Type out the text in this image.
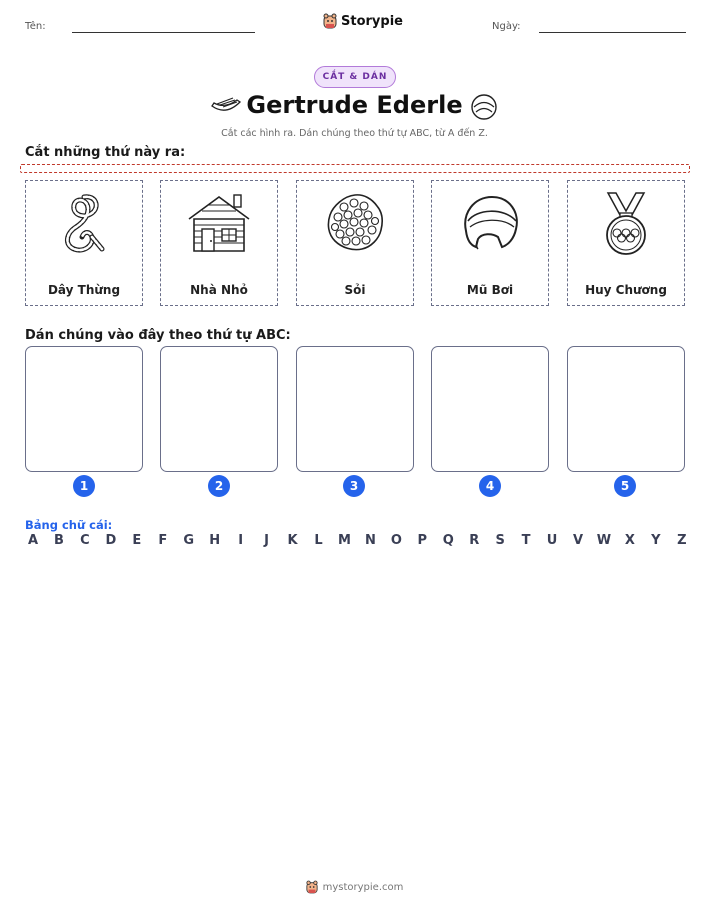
Tên:	Storypie	Ngày:
CẮT & DÁN
Gertrude Ederle
Cắt các hình ra. Dán chúng theo thứ tự ABC, từ A đến Z.
Cắt những thứ này ra:
Dây Thừng	Nhà Nhỏ	Sỏi	Mũ Bơi	Huy Chương
Dán chúng vào đây theo thứ tự ABC:
1	2	3	4	5
Bảng chữ cái:
A B C D E F G H	I	J	K L M N O P Q R S T U V W X Y Z
mystorypie.com
